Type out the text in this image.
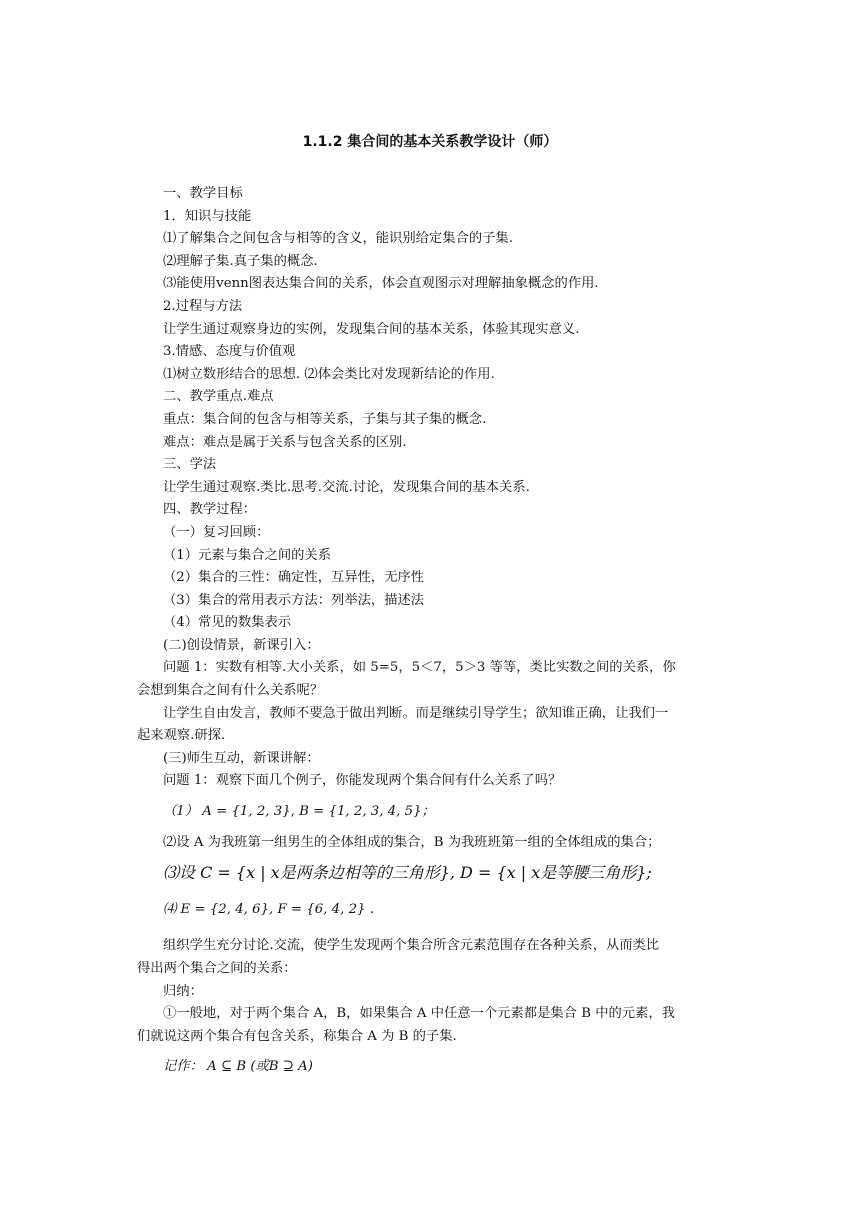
1.1.2 集合间的基本关系教学设计（师）
一、教学目标
1．知识与技能
⑴了解集合之间包含与相等的含义，能识别给定集合的子集.
⑵理解子集.真子集的概念.
⑶能使用venn图表达集合间的关系，体会直观图示对理解抽象概念的作用.
2.过程与方法
让学生通过观察身边的实例，发现集合间的基本关系，体验其现实意义.
3.情感、态度与价值观
⑴树立数形结合的思想. ⑵体会类比对发现新结论的作用.
二、教学重点.难点
重点：集合间的包含与相等关系，子集与其子集的概念.
难点：难点是属于关系与包含关系的区别.
三、学法
让学生通过观察.类比.思考.交流.讨论，发现集合间的基本关系.
四、教学过程：
（一）复习回顾：
（1）元素与集合之间的关系
（2）集合的三性：确定性，互异性，无序性
（3）集合的常用表示方法：列举法，描述法
（4）常见的数集表示
(二)创设情景，新课引入：
问题 1：实数有相等.大小关系，如 5=5，5＜7，5＞3 等等，类比实数之间的关系，你
会想到集合之间有什么关系呢？
让学生自由发言，教师不要急于做出判断。而是继续引导学生；欲知谁正确，让我们一
起来观察.研探.
(三)师生互动，新课讲解：
问题 1：观察下面几个例子，你能发现两个集合间有什么关系了吗？
（1） A = {1, 2, 3}, B = {1, 2, 3, 4, 5}；
⑵设 A 为我班第一组男生的全体组成的集合，B 为我班班第一组的全体组成的集合；
⑶设 C = {x | x是两条边相等的三角形}, D = {x | x是等腰三角形};
⑷ E = {2, 4, 6}, F = {6, 4, 2} .
组织学生充分讨论.交流，使学生发现两个集合所含元素范围存在各种关系，从而类比
得出两个集合之间的关系：
归纳：
①一般地，对于两个集合 A，B，如果集合 A 中任意一个元素都是集合 B 中的元素，我
们就说这两个集合有包含关系，称集合 A 为 B 的子集.
记作： A ⊆ B (或B ⊇ A)
